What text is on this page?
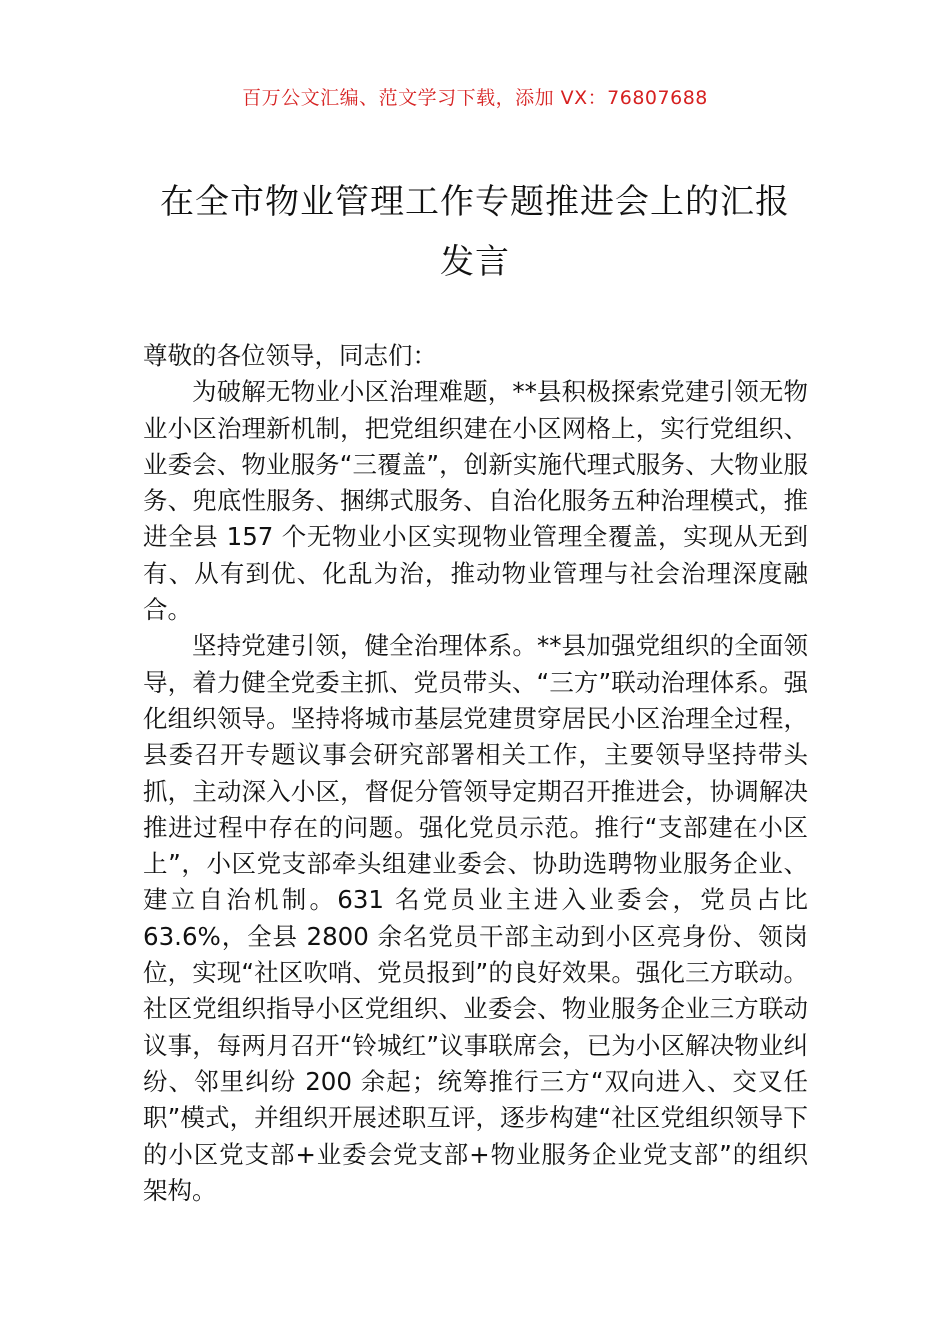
百万公文汇编、范文学习下载，添加 VX：76807688
在全市物业管理工作专题推进会上的汇报
发言

尊敬的各位领导，同志们：

为破解无物业小区治理难题，**县积极探索党建引领无物业小区治理新机制，把党组织建在小区网格上，实行党组织、业委会、物业服务“三覆盖”，创新实施代理式服务、大物业服务、兜底性服务、捆绑式服务、自治化服务五种治理模式，推进全县 157 个无物业小区实现物业管理全覆盖，实现从无到有、从有到优、化乱为治，推动物业管理与社会治理深度融合。

坚持党建引领，健全治理体系。**县加强党组织的全面领导，着力健全党委主抓、党员带头、“三方”联动治理体系。强化组织领导。坚持将城市基层党建贯穿居民小区治理全过程，县委召开专题议事会研究部署相关工作，主要领导坚持带头抓，主动深入小区，督促分管领导定期召开推进会，协调解决推进过程中存在的问题。强化党员示范。推行“支部建在小区上”，小区党支部牵头组建业委会、协助选聘物业服务企业、建立自治机制。631 名党员业主进入业委会，党员占比 63.6%，全县 2800 余名党员干部主动到小区亮身份、领岗位，实现“社区吹哨、党员报到”的良好效果。强化三方联动。社区党组织指导小区党组织、业委会、物业服务企业三方联动议事，每两月召开“铃城红”议事联席会，已为小区解决物业纠纷、邻里纠纷 200 余起；统筹推行三方“双向进入、交叉任职”模式，并组织开展述职互评，逐步构建“社区党组织领导下的小区党支部+业委会党支部+物业服务企业党支部”的组织架构。
